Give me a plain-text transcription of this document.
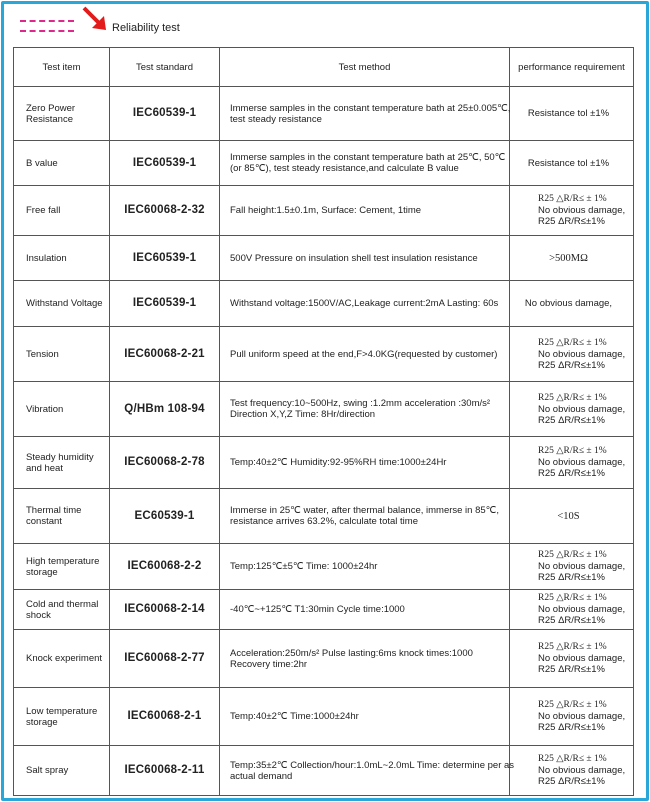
Reliability test
Test item	Test standard	Test method	performance requirement

Zero Power
Resistance	IEC60539-1	Immerse samples in the constant temperature bath at 25±0.005℃,
test steady resistance	Resistance tol ±1%

B value	IEC60539-1	Immerse samples in the constant temperature bath at 25℃, 50℃
(or 85℃), test steady resistance,and calculate B value	Resistance tol ±1%

Free fall	IEC60068-2-32	Fall height:1.5±0.1m, Surface: Cement, 1time	R25 △R/R≤ ± 1%
No obvious damage,
R25 ΔR/R≤±1%

Insulation	IEC60539-1	500V Pressure on insulation shell test insulation resistance	>500MΩ

Withstand Voltage	IEC60539-1	Withstand voltage:1500V/AC,Leakage current:2mA Lasting: 60s	No obvious damage,

Tension	IEC60068-2-21	Pull uniform speed at the end,F>4.0KG(requested by customer)	R25 △R/R≤ ± 1%
No obvious damage,
R25 ΔR/R≤±1%

Vibration	Q/HBm 108-94	Test frequency:10~500Hz, swing :1.2mm acceleration :30m/s²
Direction X,Y,Z Time: 8Hr/direction	R25 △R/R≤ ± 1%
No obvious damage,
R25 ΔR/R≤±1%

Steady humidity
and heat	IEC60068-2-78	Temp:40±2℃ Humidity:92-95%RH time:1000±24Hr	R25 △R/R≤ ± 1%
No obvious damage,
R25 ΔR/R≤±1%

Thermal time
constant	EC60539-1	Immerse in 25℃ water, after thermal balance, immerse in 85℃,
resistance arrives 63.2%, calculate total time	<10S

High temperature
storage	IEC60068-2-2	Temp:125℃±5℃ Time: 1000±24hr	R25 △R/R≤ ± 1%
No obvious damage,
R25 ΔR/R≤±1%

Cold and thermal
shock	IEC60068-2-14	-40℃~+125℃ T1:30min Cycle time:1000	R25 △R/R≤ ± 1%
No obvious damage,
R25 ΔR/R≤±1%

Knock experiment	IEC60068-2-77	Acceleration:250m/s² Pulse lasting:6ms knock times:1000
Recovery time:2hr	R25 △R/R≤ ± 1%
No obvious damage,
R25 ΔR/R≤±1%

Low temperature
storage	IEC60068-2-1	Temp:40±2℃ Time:1000±24hr	R25 △R/R≤ ± 1%
No obvious damage,
R25 ΔR/R≤±1%

Salt spray	IEC60068-2-11	Temp:35±2℃ Collection/hour:1.0mL~2.0mL Time: determine per as
actual demand	R25 △R/R≤ ± 1%
No obvious damage,
R25 ΔR/R≤±1%
